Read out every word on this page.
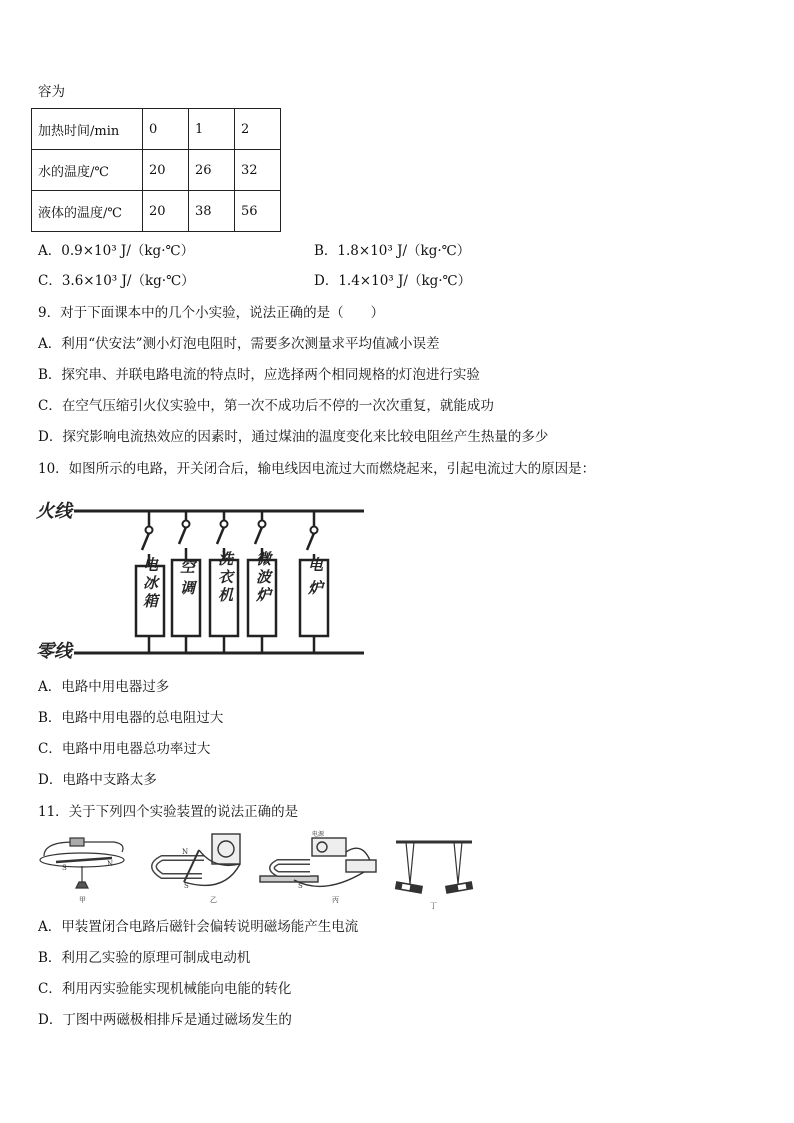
容为
加热时间/min	0	1	2
水的温度/℃	20	26	32
液体的温度/℃	20	38	56
A．0.9×10³ J/（kg·℃）	B．1.8×10³ J/（kg·℃）
C．3.6×10³ J/（kg·℃）	D．1.4×10³ J/（kg·℃）
9．对于下面课本中的几个小实验，说法正确的是（　　）
A．利用“伏安法”测小灯泡电阻时，需要多次测量求平均值减小误差
B．探究串、并联电路电流的特点时，应选择两个相同规格的灯泡进行实验
C．在空气压缩引火仪实验中，第一次不成功后不停的一次次重复，就能成功
D．探究影响电流热效应的因素时，通过煤油的温度变化来比较电阻丝产生热量的多少
10．如图所示的电路，开关闭合后，输电线因电流过大而燃烧起来，引起电流过大的原因是：
火线
零线
电冰箱 空调 洗衣机 微波炉 电炉
A．电路中用电器过多
B．电路中用电器的总电阻过大
C．电路中用电器总功率过大
D．电路中支路太多
11．关于下列四个实验装置的说法正确的是
S	N
甲
N
S
乙
电源
S
丙
丁
A．甲装置闭合电路后磁针会偏转说明磁场能产生电流
B．利用乙实验的原理可制成电动机
C．利用丙实验能实现机械能向电能的转化
D．丁图中两磁极相排斥是通过磁场发生的
